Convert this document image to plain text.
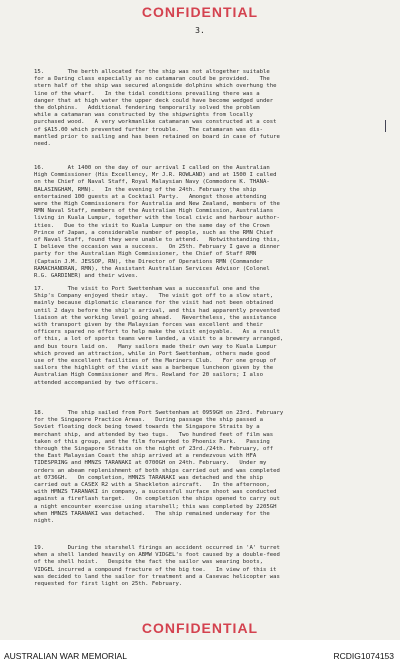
CONFIDENTIAL
3.

15.       The berth allocated for the ship was not altogether suitable
for a Daring class especially as no catamaran could be provided.   The
stern half of the ship was secured alongside dolphins which overhung the
line of the wharf.   In the tidal conditions prevailing there was a
danger that at high water the upper deck could have become wedged under
the dolphins.   Additional fendering temporarily solved the problem
while a catamaran was constructed by the shipwrights from locally
purchased wood.   A very workmanlike catamaran was constructed at a cost
of $A15.00 which prevented further trouble.   The catamaran was dis-
mantled prior to sailing and has been retained on board in case of future
need.

16.       At 1400 on the day of our arrival I called on the Australian
High Commissioner (His Excellency, Mr J.R. ROWLAND) and at 1500 I called
on the Chief of Naval Staff, Royal Malaysian Navy (Commodore K. THANA-
BALASINGHAM, RMN).   In the evening of the 24th. February the ship
entertained 100 guests at a Cocktail Party.   Amongst those attending
were the High Commissioners for Australia and New Zealand, members of the
RMN Naval Staff, members of the Australian High Commission, Australians
living in Kuala Lumpur, together with the local civic and harbour author-
ities.   Due to the visit to Kuala Lumpur on the same day of the Crown
Prince of Japan, a considerable number of people, such as the RMN Chief
of Naval Staff, found they were unable to attend.   Notwithstanding this,
I believe the occasion was a success.   On 25th. February I gave a dinner
party for the Australian High Commissioner, the Chief of Staff RMN
(Captain J.M. JESSOP, RN), the Director of Operations RMN (Commander
RAMACHANDRAN, RMN), the Assistant Australian Services Advisor (Colonel
R.G. GARDINER) and their wives.

17.       The visit to Port Swettenham was a successful one and the
Ship's Company enjoyed their stay.   The visit got off to a slow start,
mainly because diplomatic clearance for the visit had not been obtained
until 2 days before the ship's arrival, and this had apparently prevented
liaison at the working level going ahead.   Nevertheless, the assistance
with transport given by the Malaysian forces was excellent and their
officers spared no effort to help make the visit enjoyable.   As a result
of this, a lot of sports teams were landed, a visit to a brewery arranged,
and bus tours laid on.   Many sailors made their own way to Kuala Lumpur
which proved an attraction, while in Port Swettenham, others made good
use of the excellent facilities of the Mariners Club.   For one group of
sailors the highlight of the visit was a barbeque luncheon given by the
Australian High Commissioner and Mrs. Rowland for 20 sailors; I also
attended accompanied by two officers.

18.       The ship sailed from Port Swettenham at 0959GH on 23rd. February
for the Singapore Practice Areas.   During passage the ship passed a
Soviet floating dock being towed towards the Singapore Straits by a
merchant ship, and attended by two tugs.   Two hundred feet of film was
taken of this group, and the film forwarded to Phoenix Park.   Passing
through the Singapore Straits on the night of 23rd./24th. February, off
the East Malaysian Coast the ship arrived at a rendezvous with HFA
TIDESPRING and HMNZS TARANAKI at 0700GH on 24th. February.   Under my
orders an abeam replenishment of both ships carried out and was completed
at 0736GH.   On completion, HMNZS TARANAKI was detached and the ship
carried out a CASEX R2 with a Shackleton aircraft.   In the afternoon,
with HMNZS TARANAKI in company, a successful surface shoot was conducted
against a fireflash target.   On completion the ships opened to carry out
a night encounter exercise using starshell; this was completed by 2205GH
when HMNZS TARANAKI was detached.   The ship remained underway for the
night.

19.       During the starshell firings an accident occurred in 'A' turret
when a shell landed heavily on ABMW VIDGEL's foot caused by a double-feed
of the shell hoist.   Despite the fact the sailor was wearing boots,
VIDGEL incurred a compound fracture of the big toe.   In view of this it
was decided to land the sailor for treatment and a Casevac helicopter was
requested for first light on 25th. February.

CONFIDENTIAL
AUSTRALIAN WAR MEMORIAL	RCDIG1074153
